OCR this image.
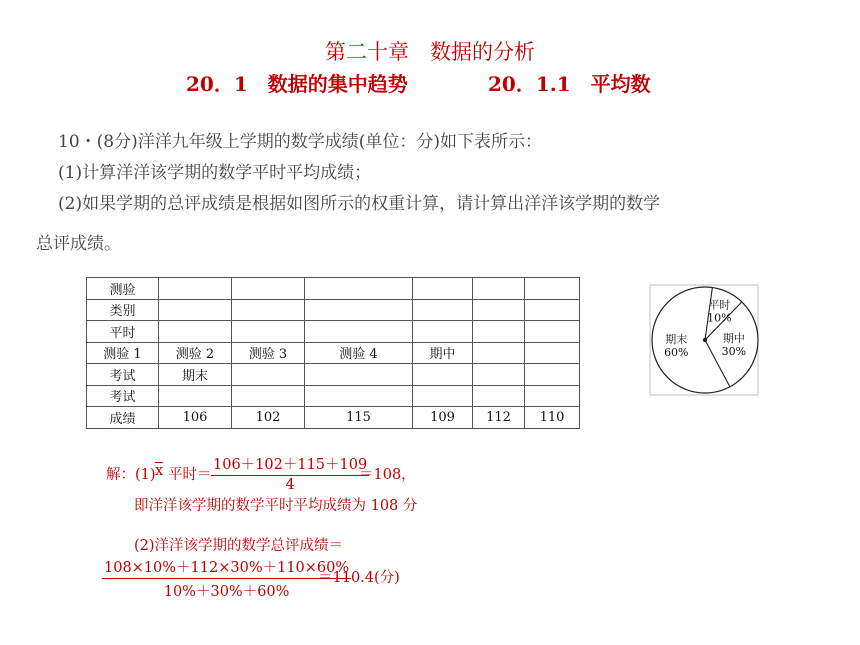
第二十章　数据的分析
20．1　数据的集中趋势	20．1.1　平均数
10・(8分)洋洋九年级上学期的数学成绩(单位：分)如下表所示：
(1)计算洋洋该学期的数学平时平均成绩；
(2)如果学期的总评成绩是根据如图所示的权重计算，请计算出洋洋该学期的数学
总评成绩。
测验						
类别						
平时						
测验 1	测验 2	测验 3	测验 4	期中		
考试	期末					
考试						
成绩	106	102	115	109	112	110
平时
10%
期中
30%
期末
60%
解：(1) $\overline{x}$ 平时＝ $\frac{106+102+115+109}{4}$
＝108，
即洋洋该学期的数学平时平均成绩为 108 分
(2)洋洋该学期的数学总评成绩＝
$\frac{108\times 10\%+112\times 30\%+110\times 60\%}{10\%+30\%+60\%}$
＝110.4(分)
